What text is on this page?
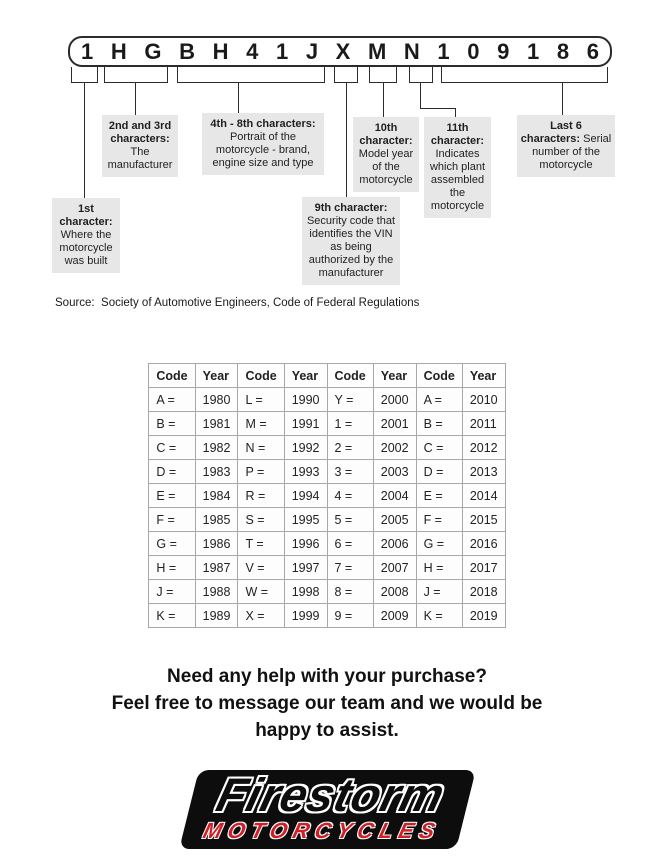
1 H G B H 4 1 J X M N 1 0 9 1 8 6
1st character: Where the motorcycle was built
2nd and 3rd characters: The manufacturer
4th - 8th characters: Portrait of the motorcycle - brand, engine size and type
9th character: Security code that identifies the VIN as being authorized by the manufacturer
10th character: Model year of the motorcycle
11th character: Indicates which plant assembled the motorcycle
Last 6 characters: Serial number of the motorcycle
Source:  Society of Automotive Engineers, Code of Federal Regulations
Code	Year	Code	Year	Code	Year	Code	Year
A =	1980	L =	1990	Y =	2000	A =	2010
B =	1981	M =	1991	1 =	2001	B =	2011
C =	1982	N =	1992	2 =	2002	C =	2012
D =	1983	P =	1993	3 =	2003	D =	2013
E =	1984	R =	1994	4 =	2004	E =	2014
F =	1985	S =	1995	5 =	2005	F =	2015
G =	1986	T =	1996	6 =	2006	G =	2016
H =	1987	V =	1997	7 =	2007	H =	2017
J =	1988	W =	1998	8 =	2008	J =	2018
K =	1989	X =	1999	9 =	2009	K =	2019
Need any help with your purchase?
Feel free to message our team and we would be
happy to assist.
Firestorm
MOTORCYCLES
